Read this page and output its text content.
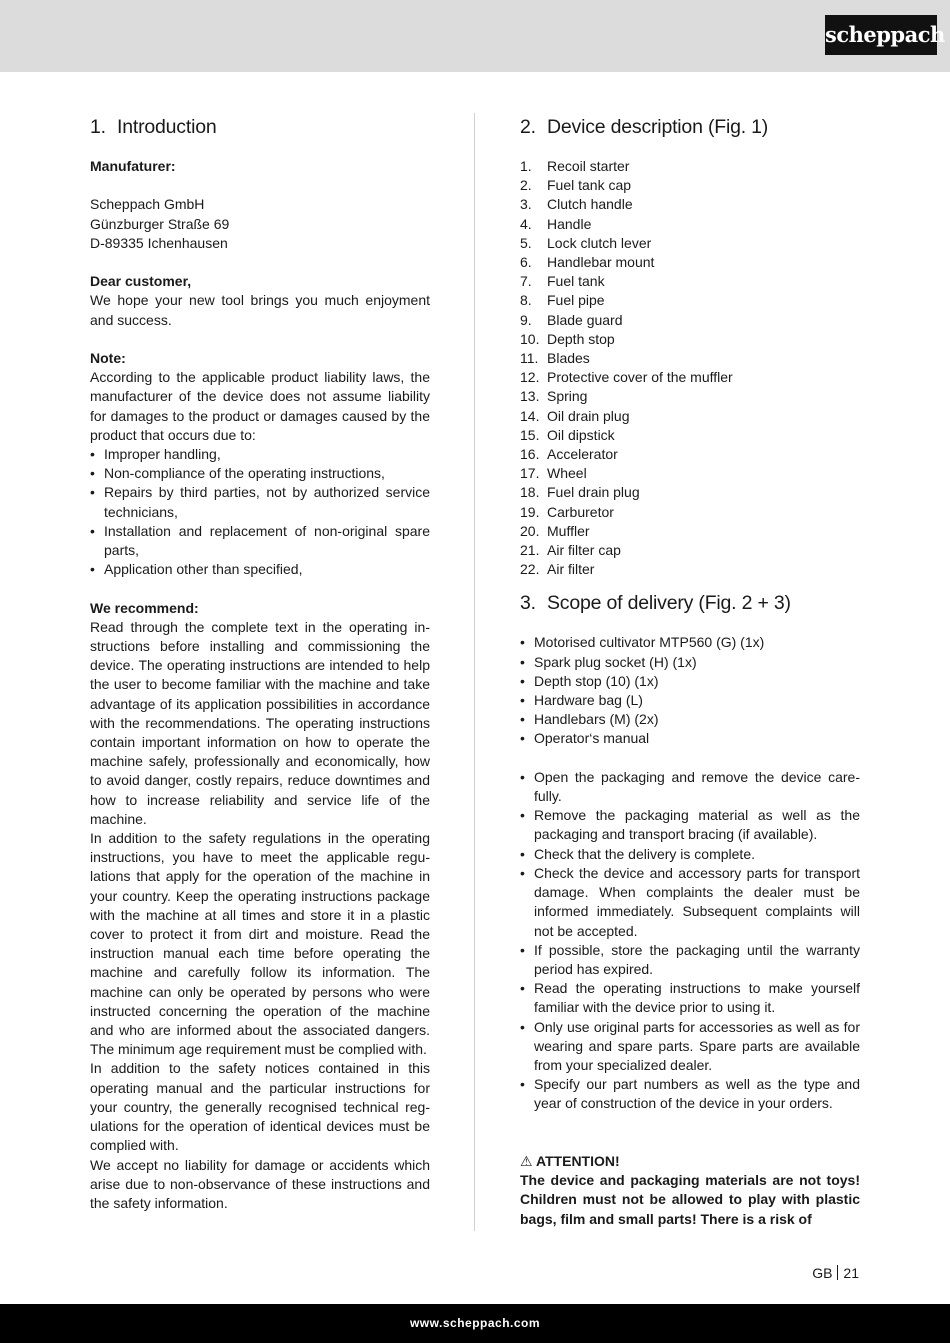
scheppach
1. Introduction

Manufaturer:

Scheppach GmbH

Günzburger Straße 69

D-89335 Ichenhausen

Dear customer,

We hope your new tool brings you much enjoyment and success.

Note:

According to the applicable product liability laws, the manufacturer of the device does not assume liability for damages to the product or damages caused by the product that occurs due to:

• Improper handling,
• Non-compliance of the operating instructions,
• Repairs by third parties, not by authorized service technicians,
• Installation and replacement of non-original spare parts,
• Application other than specified,

We recommend:

Read through the complete text in the operating instructions before installing and commissioning the device. The operating instructions are intended to help the user to become familiar with the machine and take advantage of its application possibilities in accordance with the recommendations. The operating instructions contain important information on how to operate the machine safely, professionally and economically, how to avoid danger, costly repairs, reduce downtimes and how to increase reliability and service life of the machine.

In addition to the safety regulations in the operating instructions, you have to meet the applicable regulations that apply for the operation of the machine in your country. Keep the operating instructions package with the machine at all times and store it in a plastic cover to protect it from dirt and moisture. Read the instruction manual each time before operating the machine and carefully follow its information. The machine can only be operated by persons who were instructed concerning the operation of the machine and who are informed about the associated dangers. The minimum age requirement must be complied with.

In addition to the safety notices contained in this operating manual and the particular instructions for your country, the generally recognised technical regulations for the operation of identical devices must be complied with.

We accept no liability for damage or accidents which arise due to non-observance of these instructions and the safety information.

2. Device description (Fig. 1)
1. Recoil starter
2. Fuel tank cap
3. Clutch handle
4. Handle
5. Lock clutch lever
6. Handlebar mount
7. Fuel tank
8. Fuel pipe
9. Blade guard
10. Depth stop
11. Blades
12. Protective cover of the muffler
13. Spring
14. Oil drain plug
15. Oil dipstick
16. Accelerator
17. Wheel
18. Fuel drain plug
19. Carburetor
20. Muffler
21. Air filter cap
22. Air filter
3. Scope of delivery (Fig. 2 + 3)
• Motorised cultivator MTP560 (G) (1x)
• Spark plug socket (H) (1x)
• Depth stop (10) (1x)
• Hardware bag (L)
• Handlebars (M) (2x)
• Operator‘s manual
• Open the packaging and remove the device carefully.
• Remove the packaging material as well as the packaging and transport bracing (if available).
• Check that the delivery is complete.
• Check the device and accessory parts for transport damage. When complaints the dealer must be informed immediately. Subsequent complaints will not be accepted.
• If possible, store the packaging until the warranty period has expired.
• Read the operating instructions to make yourself familiar with the device prior to using it.
• Only use original parts for accessories as well as for wearing and spare parts. Spare parts are available from your specialized dealer.
• Specify our part numbers as well as the type and year of construction of the device in your orders.

⚠ ATTENTION!

The device and packaging materials are not toys! Children must not be allowed to play with plastic bags, film and small parts! There is a risk of

GB 21
www.scheppach.com
